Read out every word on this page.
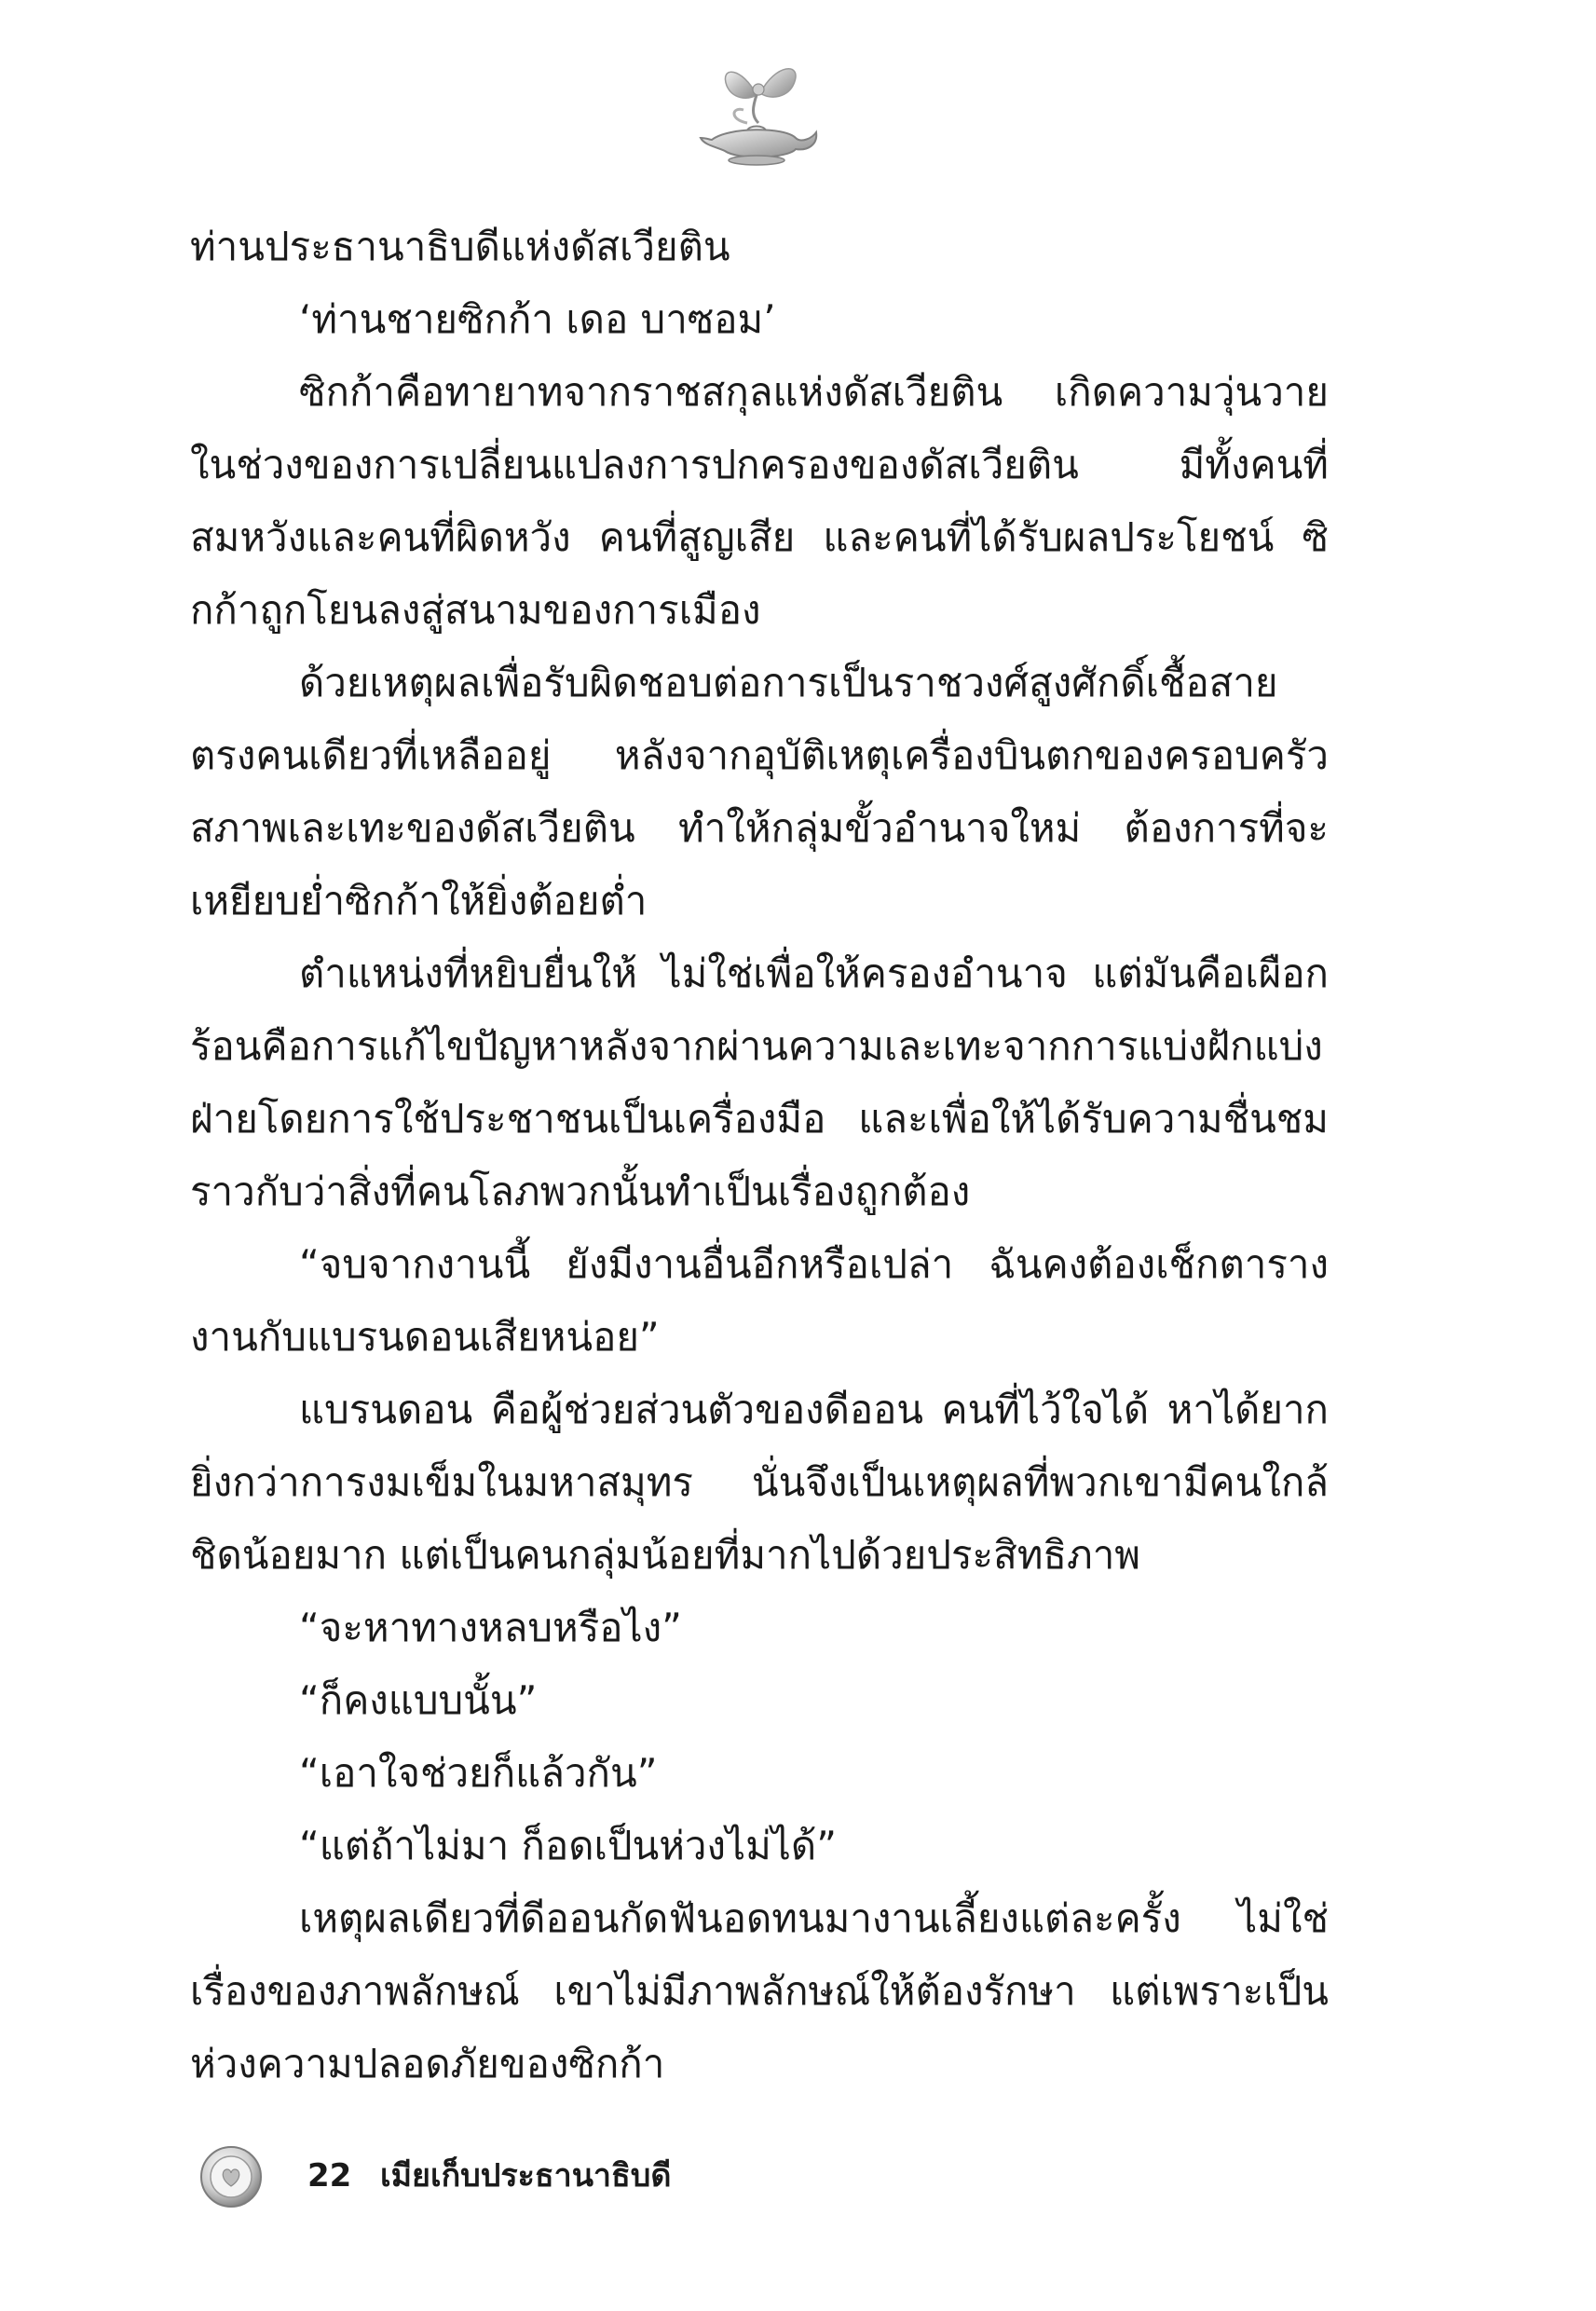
ท่านประธานาธิบดีแห่งดัสเวียติน

‘ท่านชายซิกก้า เดอ บาซอม’

ซิกก้าคือทายาทจากราชสกุลแห่งดัสเวียติน เกิดความวุ่นวายในช่วงของการเปลี่ยนแปลงการปกครองของดัสเวียติน มีทั้งคนที่สมหวังและคนที่ผิดหวัง คนที่สูญเสีย และคนที่ได้รับผลประโยชน์ ซิกก้าถูกโยนลงสู่สนามของการเมือง

ด้วยเหตุผลเพื่อรับผิดชอบต่อการเป็นราชวงศ์สูงศักดิ์เชื้อสายตรงคนเดียวที่เหลืออยู่ หลังจากอุบัติเหตุเครื่องบินตกของครอบครัว สภาพเละเทะของดัสเวียติน ทำให้กลุ่มขั้วอำนาจใหม่ ต้องการที่จะเหยียบย่ำซิกก้าให้ยิ่งต้อยต่ำ

ตำแหน่งที่หยิบยื่นให้ ไม่ใช่เพื่อให้ครองอำนาจ แต่มันคือเผือกร้อนคือการแก้ไขปัญหาหลังจากผ่านความเละเทะจากการแบ่งฝักแบ่งฝ่ายโดยการใช้ประชาชนเป็นเครื่องมือ และเพื่อให้ได้รับความชื่นชม ราวกับว่าสิ่งที่คนโลภพวกนั้นทำเป็นเรื่องถูกต้อง

“จบจากงานนี้ ยังมีงานอื่นอีกหรือเปล่า ฉันคงต้องเช็กตารางงานกับแบรนดอนเสียหน่อย”

แบรนดอน คือผู้ช่วยส่วนตัวของดีออน คนที่ไว้ใจได้ หาได้ยากยิ่งกว่าการงมเข็มในมหาสมุทร นั่นจึงเป็นเหตุผลที่พวกเขามีคนใกล้ชิดน้อยมาก แต่เป็นคนกลุ่มน้อยที่มากไปด้วยประสิทธิภาพ

“จะหาทางหลบหรือไง”

“ก็คงแบบนั้น”

“เอาใจช่วยก็แล้วกัน”

“แต่ถ้าไม่มา ก็อดเป็นห่วงไม่ได้”

เหตุผลเดียวที่ดีออนกัดฟันอดทนมางานเลี้ยงแต่ละครั้ง ไม่ใช่เรื่องของภาพลักษณ์ เขาไม่มีภาพลักษณ์ให้ต้องรักษา แต่เพราะเป็นห่วงความปลอดภัยของซิกก้า

22 เมียเก็บประธานาธิบดี
